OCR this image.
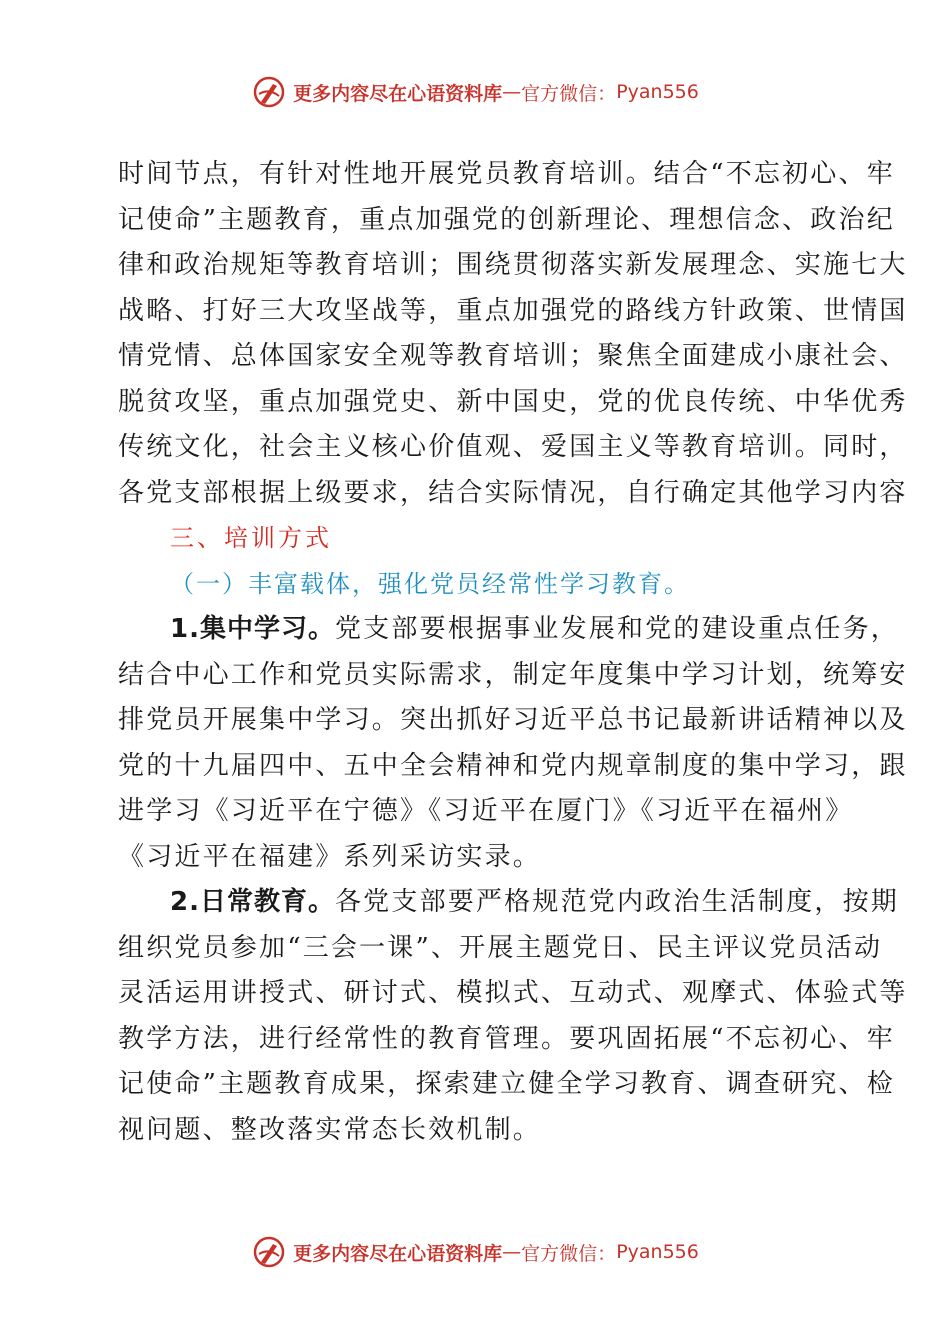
更多内容尽在心语资料库 — 官方微信： Pyan556
时间节点，有针对性地开展党员教育培训。结合“不忘初心、牢
记使命”主题教育，重点加强党的创新理论、理想信念、政治纪
律和政治规矩等教育培训；围绕贯彻落实新发展理念、实施七大
战略、打好三大攻坚战等，重点加强党的路线方针政策、世情国
情党情、总体国家安全观等教育培训；聚焦全面建成小康社会、
脱贫攻坚，重点加强党史、新中国史，党的优良传统、中华优秀
传统文化，社会主义核心价值观、爱国主义等教育培训。同时，
各党支部根据上级要求，结合实际情况，自行确定其他学习内容
三、培训方式
（一）丰富载体，强化党员经常性学习教育。
1.集中学习。党支部要根据事业发展和党的建设重点任务，
结合中心工作和党员实际需求，制定年度集中学习计划，统筹安
排党员开展集中学习。突出抓好习近平总书记最新讲话精神以及
党的十九届四中、五中全会精神和党内规章制度的集中学习，跟
进学习《习近平在宁德》《习近平在厦门》《习近平在福州》
《习近平在福建》系列采访实录。
2.日常教育。各党支部要严格规范党内政治生活制度，按期
组织党员参加“三会一课”、开展主题党日、民主评议党员活动
灵活运用讲授式、研讨式、模拟式、互动式、观摩式、体验式等
教学方法，进行经常性的教育管理。要巩固拓展“不忘初心、牢
记使命”主题教育成果，探索建立健全学习教育、调查研究、检
视问题、整改落实常态长效机制。
更多内容尽在心语资料库 — 官方微信： Pyan556
